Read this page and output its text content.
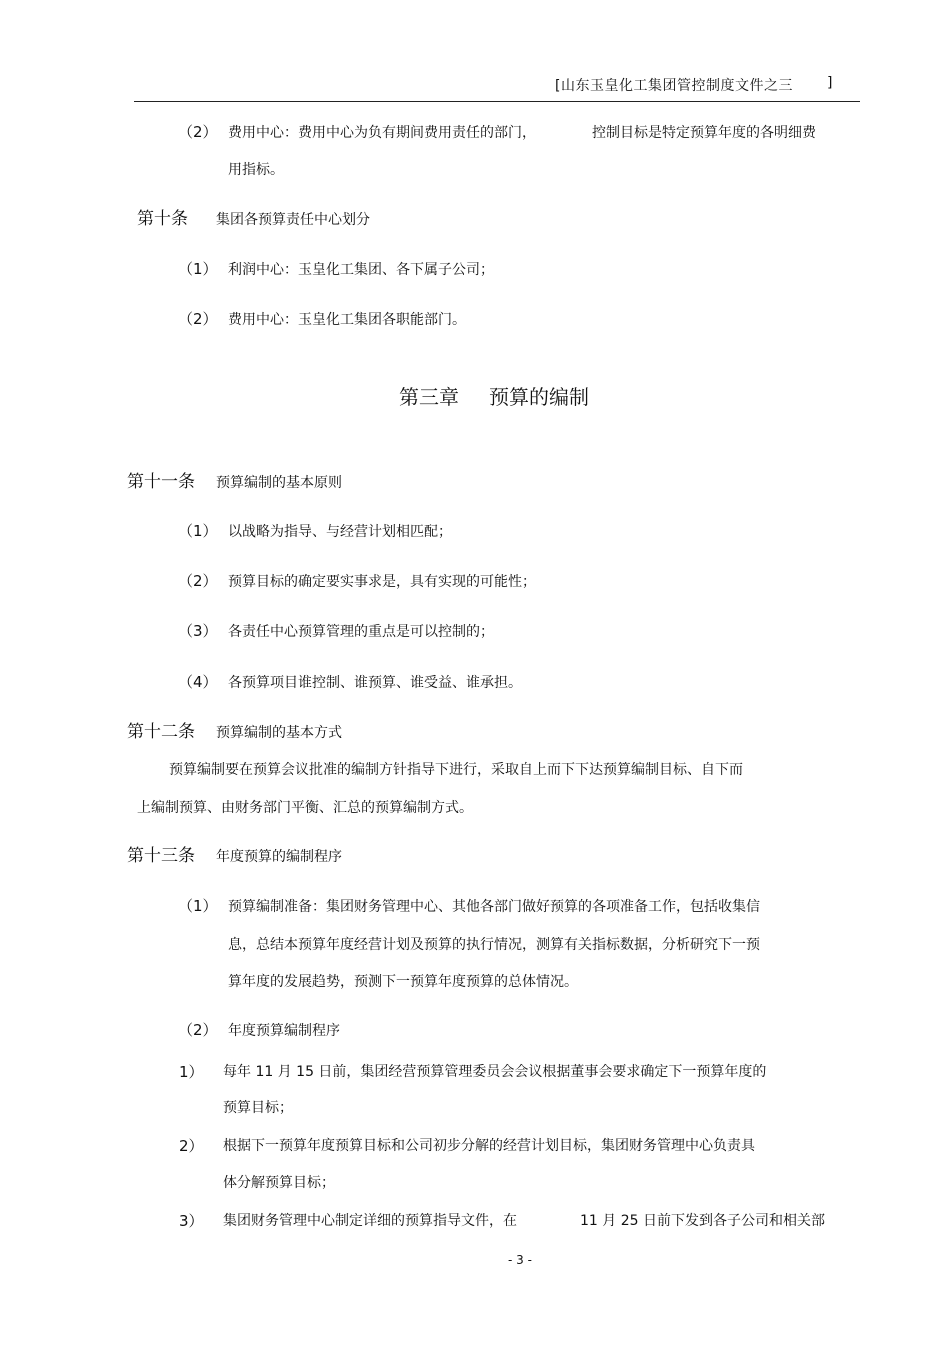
[山东玉皇化工集团管控制度文件之三 ]
（2） 费用中心：费用中心为负有期间费用责任的部门，	控制目标是特定预算年度的各明细费
用指标。
第十条 集团各预算责任中心划分
（1） 利润中心：玉皇化工集团、各下属子公司；
（2） 费用中心：玉皇化工集团各职能部门。
第三章 预算的编制
第十一条 预算编制的基本原则
（1） 以战略为指导、与经营计划相匹配；
（2） 预算目标的确定要实事求是，具有实现的可能性；
（3） 各责任中心预算管理的重点是可以控制的；
（4） 各预算项目谁控制、谁预算、谁受益、谁承担。
第十二条 预算编制的基本方式
预算编制要在预算会议批准的编制方针指导下进行，采取自上而下下达预算编制目标、自下而
上编制预算、由财务部门平衡、汇总的预算编制方式。
第十三条 年度预算的编制程序
（1） 预算编制准备：集团财务管理中心、其他各部门做好预算的各项准备工作，包括收集信
息，总结本预算年度经营计划及预算的执行情况，测算有关指标数据，分析研究下一预
算年度的发展趋势，预测下一预算年度预算的总体情况。
（2） 年度预算编制程序
1） 每年 11 月 15 日前，集团经营预算管理委员会会议根据董事会要求确定下一预算年度的
预算目标；
2） 根据下一预算年度预算目标和公司初步分解的经营计划目标，集团财务管理中心负责具
体分解预算目标；
3） 集团财务管理中心制定详细的预算指导文件，在	11 月 25 日前下发到各子公司和相关部
- 3 -
